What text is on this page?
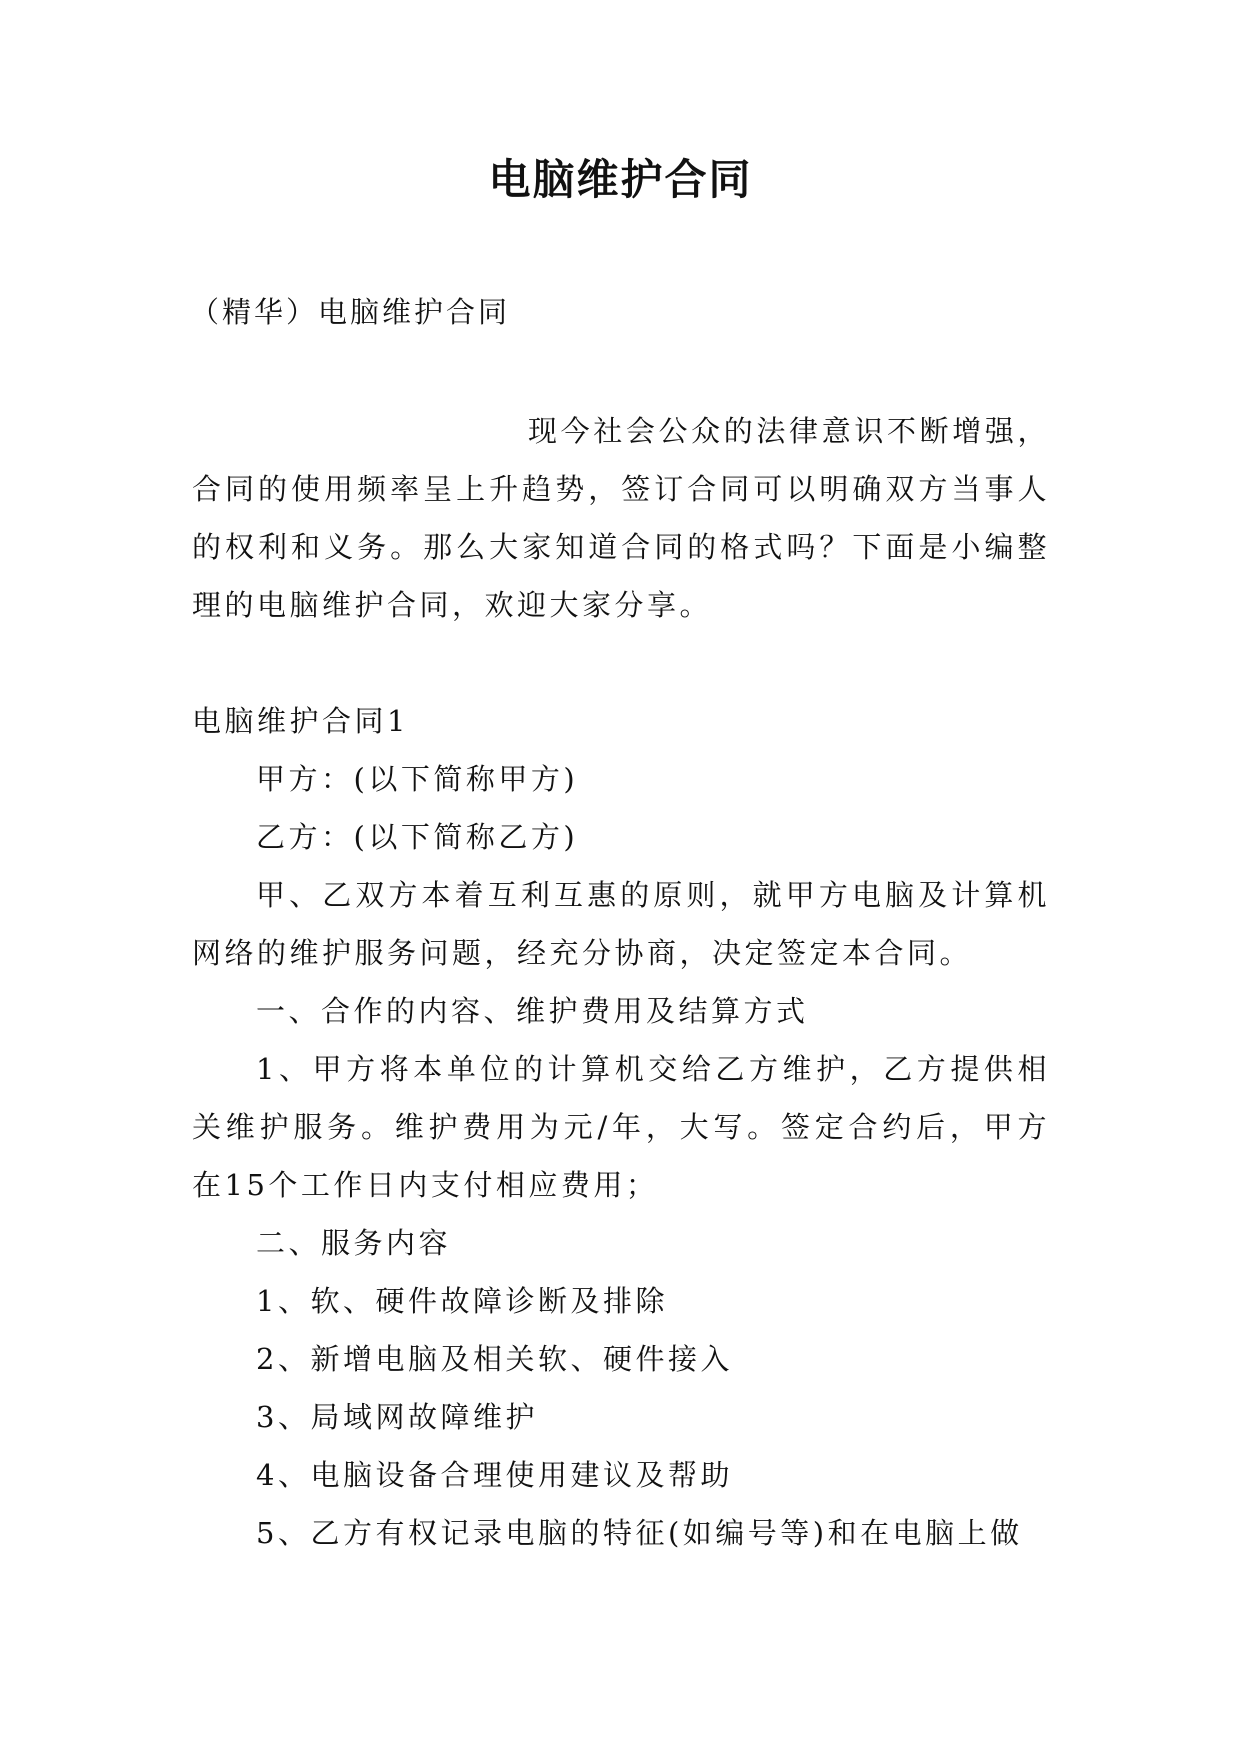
电脑维护合同
（精华）电脑维护合同
现今社会公众的法律意识不断增强，合同的使用频率呈上升趋势，签订合同可以明确双方当事人的权利和义务。那么大家知道合同的格式吗？下面是小编整理的电脑维护合同，欢迎大家分享。

电脑维护合同1

甲方：(以下简称甲方)

乙方：(以下简称乙方)

甲、乙双方本着互利互惠的原则，就甲方电脑及计算机网络的维护服务问题，经充分协商，决定签定本合同。

一、合作的内容、维护费用及结算方式

1、甲方将本单位的计算机交给乙方维护，乙方提供相关维护服务。维护费用为元/年，大写。签定合约后，甲方在15个工作日内支付相应费用；

二、服务内容

1、软、硬件故障诊断及排除

2、新增电脑及相关软、硬件接入

3、局域网故障维护

4、电脑设备合理使用建议及帮助

5、乙方有权记录电脑的特征(如编号等)和在电脑上做
